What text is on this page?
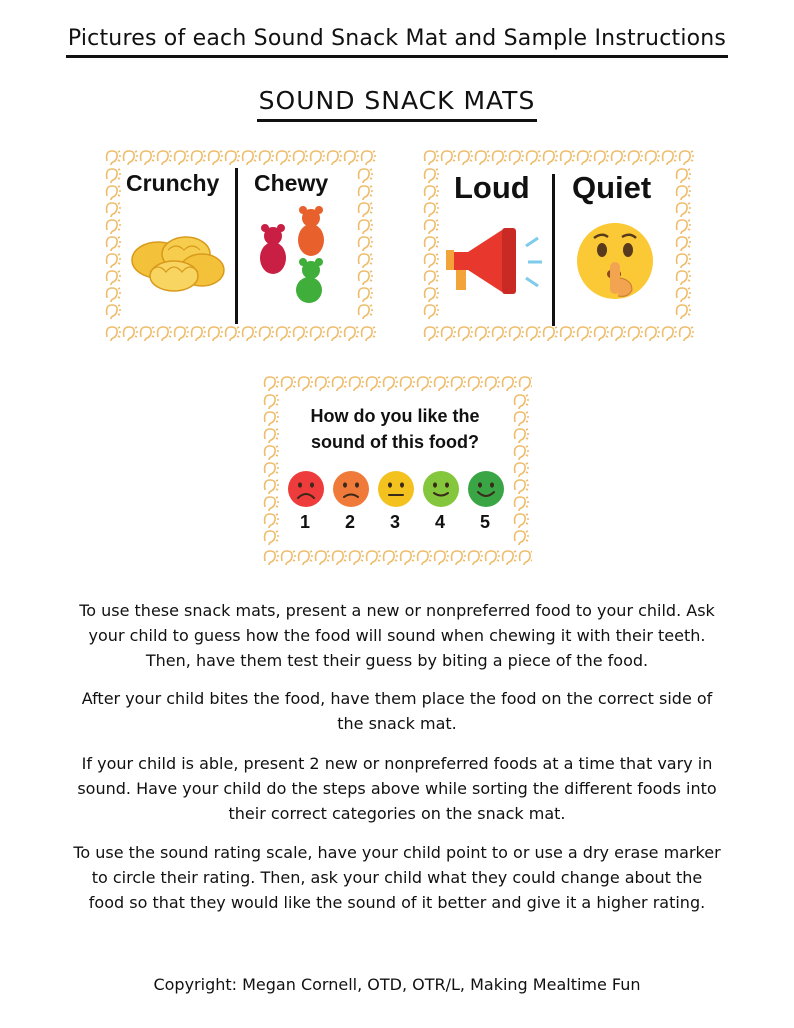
Pictures of each Sound Snack Mat and Sample Instructions
SOUND SNACK MATS
Crunchy Chewy	Loud Quiet
How do you like the
sound of this food?
1 2 3 4 5
To use these snack mats, present a new or nonpreferred food to your child. Ask your child to guess how the food will sound when chewing it with their teeth. Then, have them test their guess by biting a piece of the food.
After your child bites the food, have them place the food on the correct side of the snack mat.
If your child is able, present 2 new or nonpreferred foods at a time that vary in sound. Have your child do the steps above while sorting the different foods into their correct categories on the snack mat.
To use the sound rating scale, have your child point to or use a dry erase marker to circle their rating. Then, ask your child what they could change about the food so that they would like the sound of it better and give it a higher rating.
Copyright: Megan Cornell, OTD, OTR/L, Making Mealtime Fun
